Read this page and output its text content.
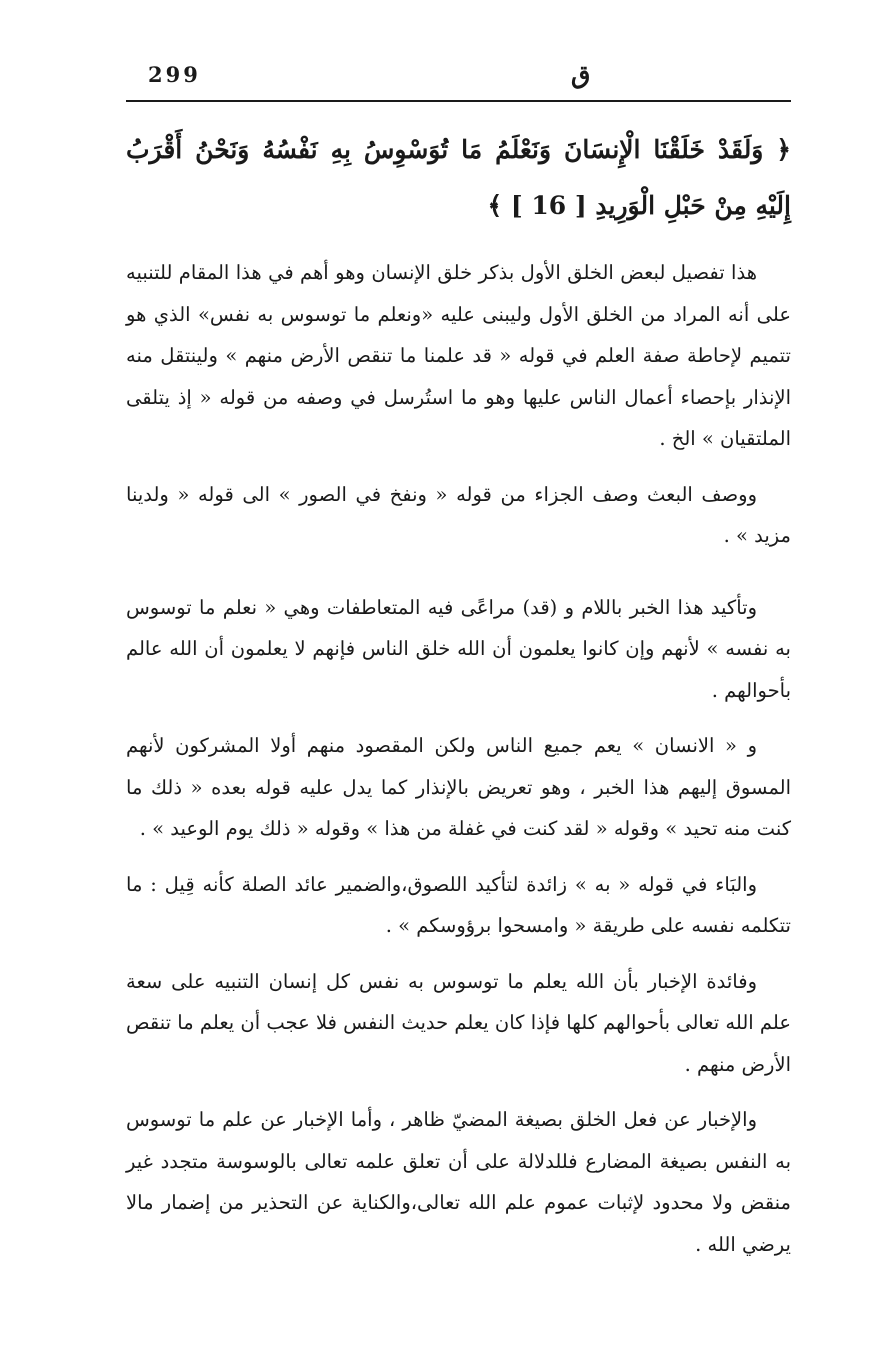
299	ق
﴿ وَلَقَدْ خَلَقْنَا الْإِنسَانَ وَنَعْلَمُ مَا تُوَسْوِسُ بِهِ نَفْسُهُ وَنَحْنُ أَقْرَبُ إِلَيْهِ مِنْ حَبْلِ الْوَرِيدِ [ 16 ] ﴾

هذا تفصيل لبعض الخلق الأول بذكر خلق الإنسان وهو أهم في هذا المقام للتنبيه على أنه المراد من الخلق الأول وليبنى عليه «ونعلم ما توسوس به نفس» الذي هو تتميم لإحاطة صفة العلم في قوله « قد علمنا ما تنقص الأرض منهم » ولينتقل منه الإنذار بإحصاء أعمال الناس عليها وهو ما استُرسل في وصفه من قوله « إذ يتلقى الملتقيان » الخ .

ووصف البعث وصف الجزاء من قوله « ونفخ في الصور » الى قوله « ولدينا مزيد » .

وتأكيد هذا الخبر باللام و (قد) مراعًى فيه المتعاطفات وهي « نعلم ما توسوس به نفسه » لأنهم وإن كانوا يعلمون أن الله خلق الناس فإنهم لا يعلمون أن الله عالم بأحوالهم .

و « الانسان » يعم جميع الناس ولكن المقصود منهم أولا المشركون لأنهم المسوق إليهم هذا الخبر ، وهو تعريض بالإنذار كما يدل عليه قوله بعده « ذلك ما كنت منه تحيد » وقوله « لقد كنت في غفلة من هذا » وقوله « ذلك يوم الوعيد » .

والبَاء في قوله « به » زائدة لتأكيد اللصوق،والضمير عائد الصلة كأنه قِيل : ما تتكلمه نفسه على طريقة « وامسحوا برؤوسكم » .

وفائدة الإخبار بأن الله يعلم ما توسوس به نفس كل إنسان التنبيه على سعة علم الله تعالى بأحوالهم كلها فإذا كان يعلم حديث النفس فلا عجب أن يعلم ما تنقص الأرض منهم .

والإخبار عن فعل الخلق بصيغة المضيّ ظاهر ، وأما الإخبار عن علم ما توسوس به النفس بصيغة المضارع فللدلالة على أن تعلق علمه تعالى بالوسوسة متجدد غير منقض ولا محدود لإثبات عموم علم الله تعالى،والكناية عن التحذير من إضمار مالا يرضي الله .
